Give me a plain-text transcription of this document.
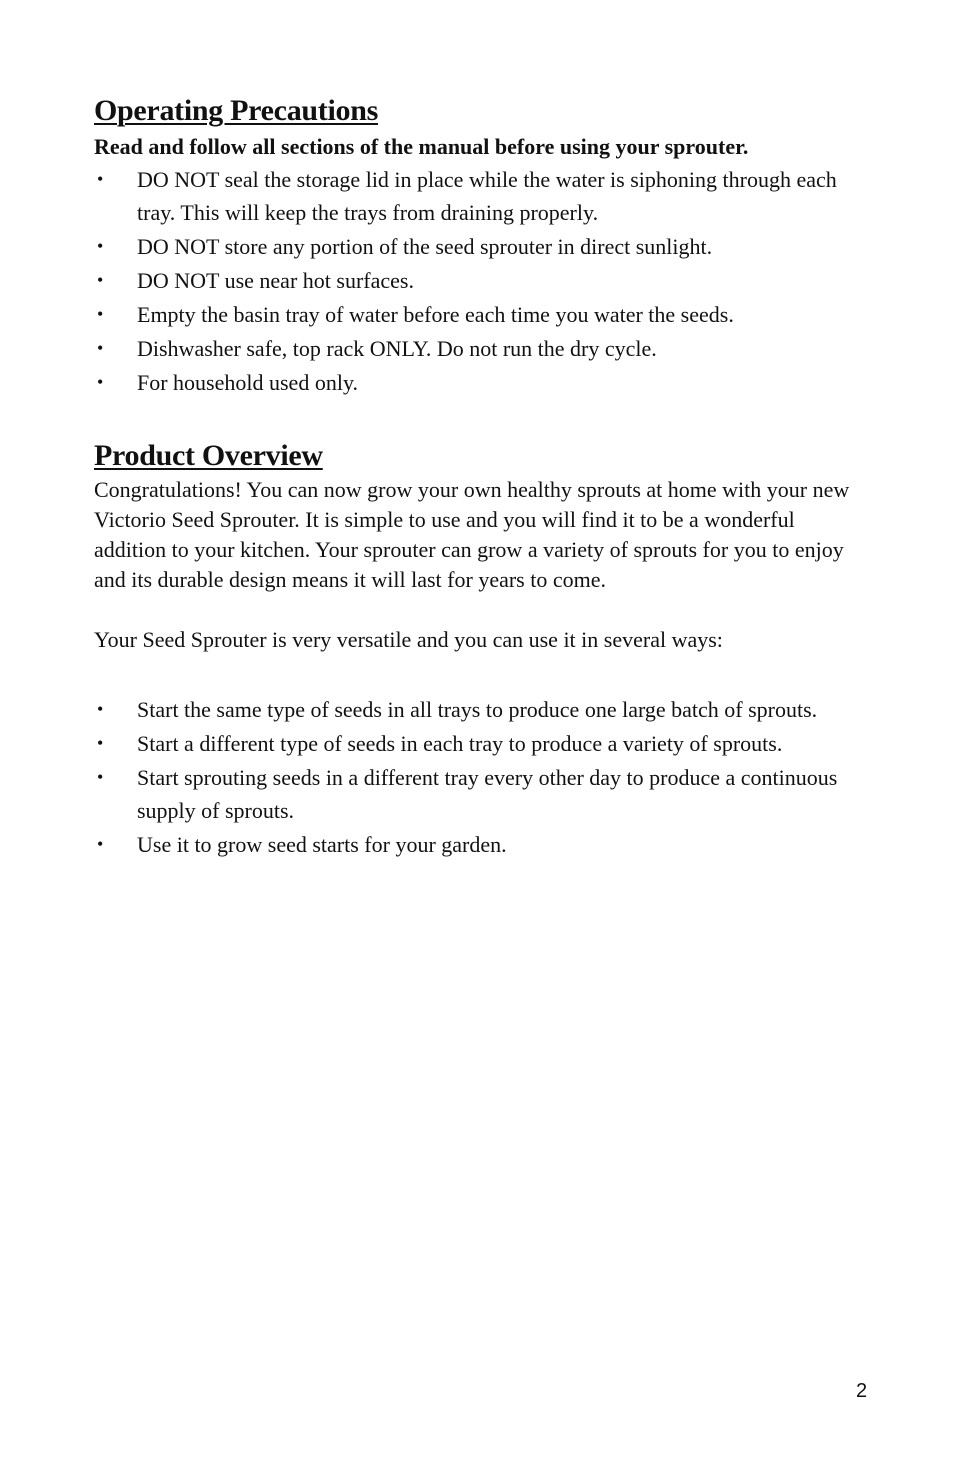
Operating Precautions

Read and follow all sections of the manual before using your sprouter.

• DO NOT seal the storage lid in place while the water is siphoning through each tray. This will keep the trays from draining properly.
• DO NOT store any portion of the seed sprouter in direct sunlight.
• DO NOT use near hot surfaces.
• Empty the basin tray of water before each time you water the seeds.
• Dishwasher safe, top rack ONLY. Do not run the dry cycle.
• For household used only.
Product Overview

Congratulations! You can now grow your own healthy sprouts at home with your new Victorio Seed Sprouter. It is simple to use and you will find it to be a wonderful addition to your kitchen. Your sprouter can grow a variety of sprouts for you to enjoy and its durable design means it will last for years to come.

Your Seed Sprouter is very versatile and you can use it in several ways:

• Start the same type of seeds in all trays to produce one large batch of sprouts.
• Start a different type of seeds in each tray to produce a variety of sprouts.
• Start sprouting seeds in a different tray every other day to produce a continuous supply of sprouts.
• Use it to grow seed starts for your garden.
2
